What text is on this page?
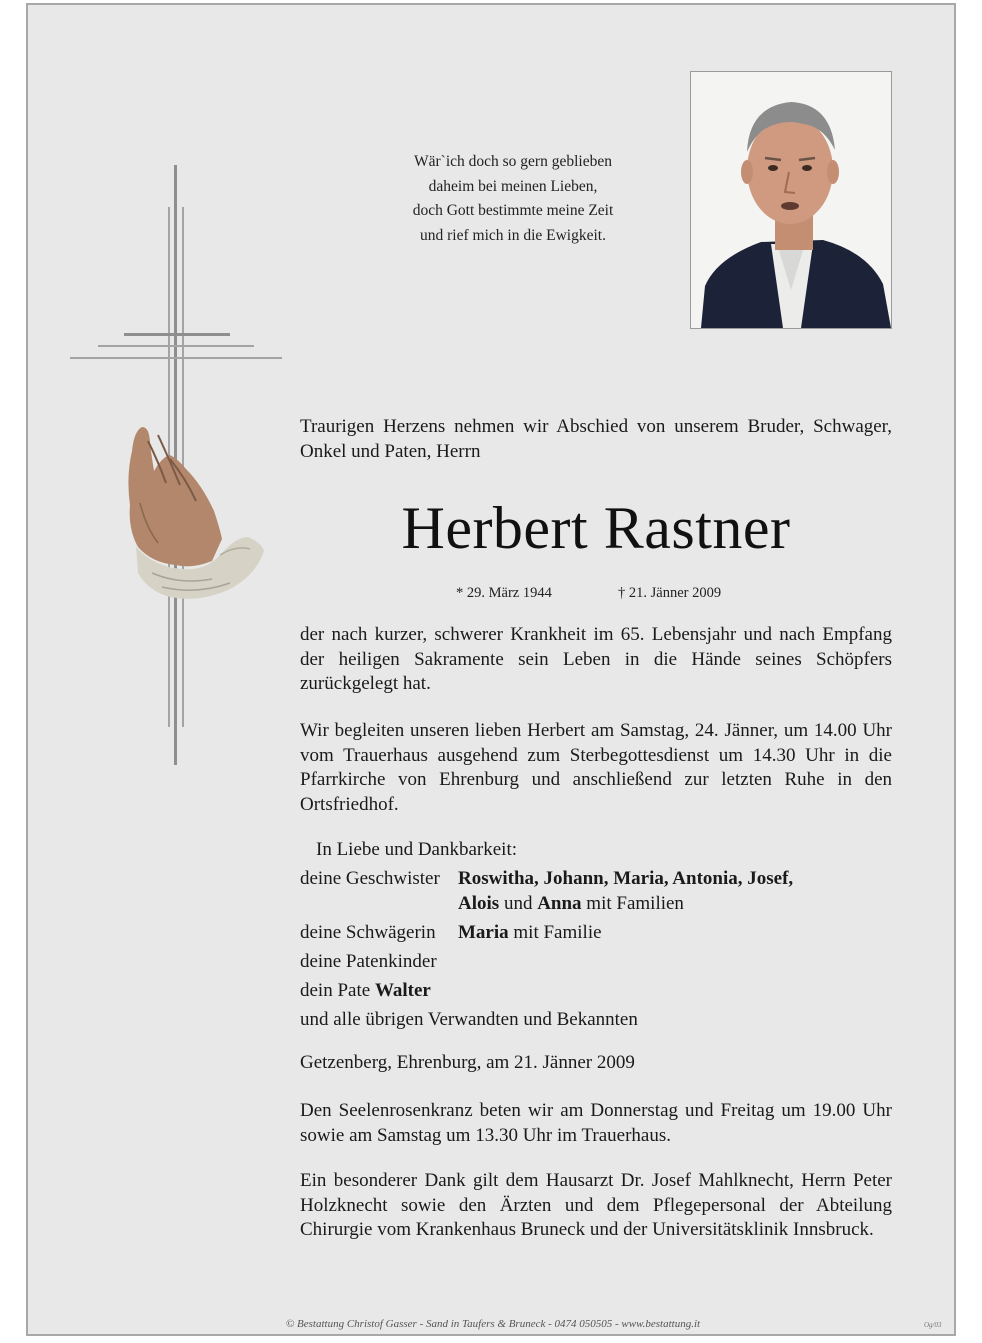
Wär`ich doch so gern geblieben
daheim bei meinen Lieben,
doch Gott bestimmte meine Zeit
und rief mich in die Ewigkeit.

Traurigen Herzens nehmen wir Abschied von unserem Bruder, Schwager, Onkel und Paten, Herrn

Herbert Rastner
* 29. März 1944	† 21. Jänner 2009

der nach kurzer, schwerer Krankheit im 65. Lebensjahr und nach Empfang der heiligen Sakramente sein Leben in die Hände seines Schöpfers zurückgelegt hat.

Wir begleiten unseren lieben Herbert am Samstag, 24. Jänner, um 14.00 Uhr vom Trauerhaus ausgehend zum Sterbegottesdienst um 14.30 Uhr in die Pfarrkirche von Ehrenburg und anschließend zur letzten Ruhe in den Ortsfriedhof.

In Liebe und Dankbarkeit:
deine Geschwister Roswitha, Johann, Maria, Antonia, Josef,
Alois und Anna mit Familien
deine Schwägerin Maria mit Familie
deine Patenkinder
dein Pate Walter
und alle übrigen Verwandten und Bekannten

Getzenberg, Ehrenburg, am 21. Jänner 2009

Den Seelenrosenkranz beten wir am Donnerstag und Freitag um 19.00 Uhr sowie am Samstag um 13.30 Uhr im Trauerhaus.

Ein besonderer Dank gilt dem Hausarzt Dr. Josef Mahlknecht, Herrn Peter Holzknecht sowie den Ärzten und dem Pflegepersonal der Abteilung Chirurgie vom Krankenhaus Bruneck und der Universitätsklinik Innsbruck.

© Bestattung Christof Gasser - Sand in Taufers & Bruneck - 0474 050505 - www.bestattung.it	Og/03
